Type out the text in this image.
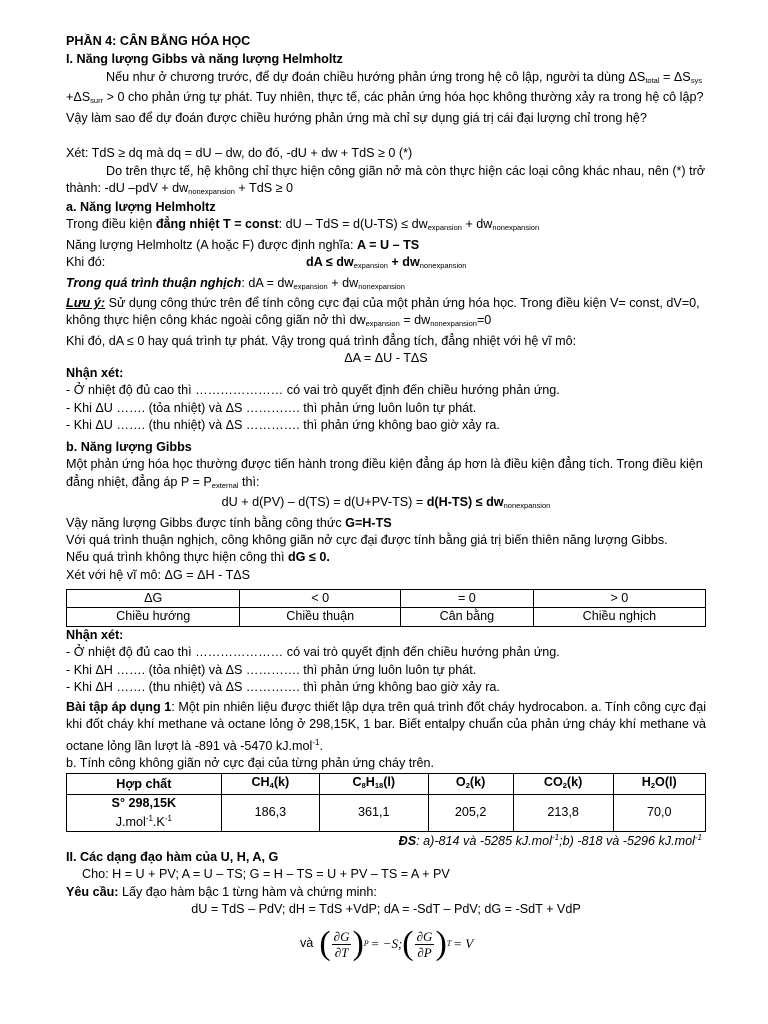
PHẦN 4: CÂN BẰNG HÓA HỌC

I. Năng lượng Gibbs và năng lượng Helmholtz

Nếu như ở chương trước, để dự đoán chiều hướng phản ứng trong hệ cô lập, người ta dùng $\Delta S_{total} = \Delta S_{sys} +\Delta S_{surr} > 0$ cho phản ứng tự phát. Tuy nhiên, thực tế, các phản ứng hóa học không thường xảy ra trong hệ cô lập? Vậy làm sao để dự đoán được chiều hướng phản ứng mà chỉ sự dụng giá trị cái đại lượng chỉ trong hệ?

Xét: TdS ≥ dq mà dq = dU – dw, do đó, -dU + dw + TdS ≥ 0 (*)

Do trên thực tế, hệ không chỉ thực hiện công giãn nở mà còn thực hiện các loại công khác nhau, nên (*) trở thành: -dU $-pdV + dw_{nonexpansion}$ + TdS ≥ 0

a. Năng lượng Helmholtz

Trong điều kiện đẳng nhiệt T = const: dU – TdS = $d(U-TS) \le dw_{expansion} + dw_{nonexpansion}$

Năng lượng Helmholtz (A hoặc F) được định nghĩa: A = U – TS

Khi đó:	dA ≤ $dw_{expansion} + dw_{nonexpansion}$

Trong quá trình thuận nghịch: dA = $dw_{expansion} + dw_{nonexpansion}$

Lưu ý: Sử dụng công thức trên để tính công cực đại của một phản ứng hóa học. Trong điều kiện V= const, dV=0, không thực hiện công khác ngoài công giãn nở thì $dw_{expansion} = dw_{nonexpansion}=0$

Khi đó, dA ≤ 0 hay quá trình tự phát. Vậy trong quá trình đẳng tích, đẳng nhiệt với hệ vĩ mô:

ΔA = ΔU - TΔS

Nhận xét:

- Ở nhiệt độ đủ cao thì ………………… có vai trò quyết định đến chiều hướng phản ứng.

- Khi ΔU ……. (tỏa nhiệt) và ΔS …………. thì phản ứng luôn luôn tự phát.

- Khi ΔU ……. (thu nhiệt) và ΔS …………. thì phản ứng không bao giờ xảy ra.

b. Năng lượng Gibbs

Một phản ứng hóa học thường được tiến hành trong điều kiện đẳng áp hơn là điều kiện đẳng tích. Trong điều kiện đẳng nhiệt, đẳng áp $P = P_{external}$ thì:

dU + $d(PV) - d(TS) = d(U+PV-TS) = d(H-TS) \le dw_{nonexpansion}$

Vậy năng lượng Gibbs được tính bằng công thức G=H-TS

Với quá trình thuận nghịch, công không giãn nở cực đại được tính bằng giá trị biến thiên năng lượng Gibbs.

Nếu quá trình không thực hiện công thì dG ≤ 0.

Xét với hệ vĩ mô: ΔG = ΔH - TΔS

ΔG	< 0	= 0	> 0
Chiều hướng	Chiều thuận	Cân bằng	Chiều nghịch

Nhận xét:

- Ở nhiệt độ đủ cao thì ………………… có vai trò quyết định đến chiều hướng phản ứng.

- Khi ΔH ……. (tỏa nhiệt) và ΔS …………. thì phản ứng luôn luôn tự phát.

- Khi ΔH ……. (thu nhiệt) và ΔS …………. thì phản ứng không bao giờ xảy ra.

Bài tập áp dụng 1: Một pin nhiên liệu được thiết lập dựa trên quá trình đốt cháy hydrocabon. a. Tính công cực đại khi đốt cháy khí methane và octane lỏng ở 298,15K, 1 bar. Biết entalpy chuẩn của phản ứng cháy khí methane và octane lỏng lần lượt là -891 và -5470 kJ.mol$^{-1}$.

b. Tính công không giãn nở cực đại của từng phản ứng cháy trên.

Hợp chất	$CH_4(k)$	$C_8H_{18}(l)$	$O_2(k)$	$CO_2(k)$	$H_2O(l)$
S° 298,15K
$J.mol^{-1}.K^{-1}$	186,3	361,1	205,2	213,8	70,0

ĐS: a)-814 và -5285 kJ.mol$^{-1}$;b) -818 và -5296 kJ.mol$^{-1}$

II. Các dạng đạo hàm của U, H, A, G

Cho: H = U + PV; A = U – TS; G = H – TS = U + PV – TS = A + PV

Yêu cầu: Lấy đạo hàm bậc 1 từng hàm và chứng minh:

dU = TdS – PdV; dH = TdS +VdP; dA = -SdT – PdV; dG = -SdT + VdP

và ( $\frac{\partial G}{\partial T}$ ) P = −S; ( $\frac{\partial G}{\partial P}$ ) T = V
